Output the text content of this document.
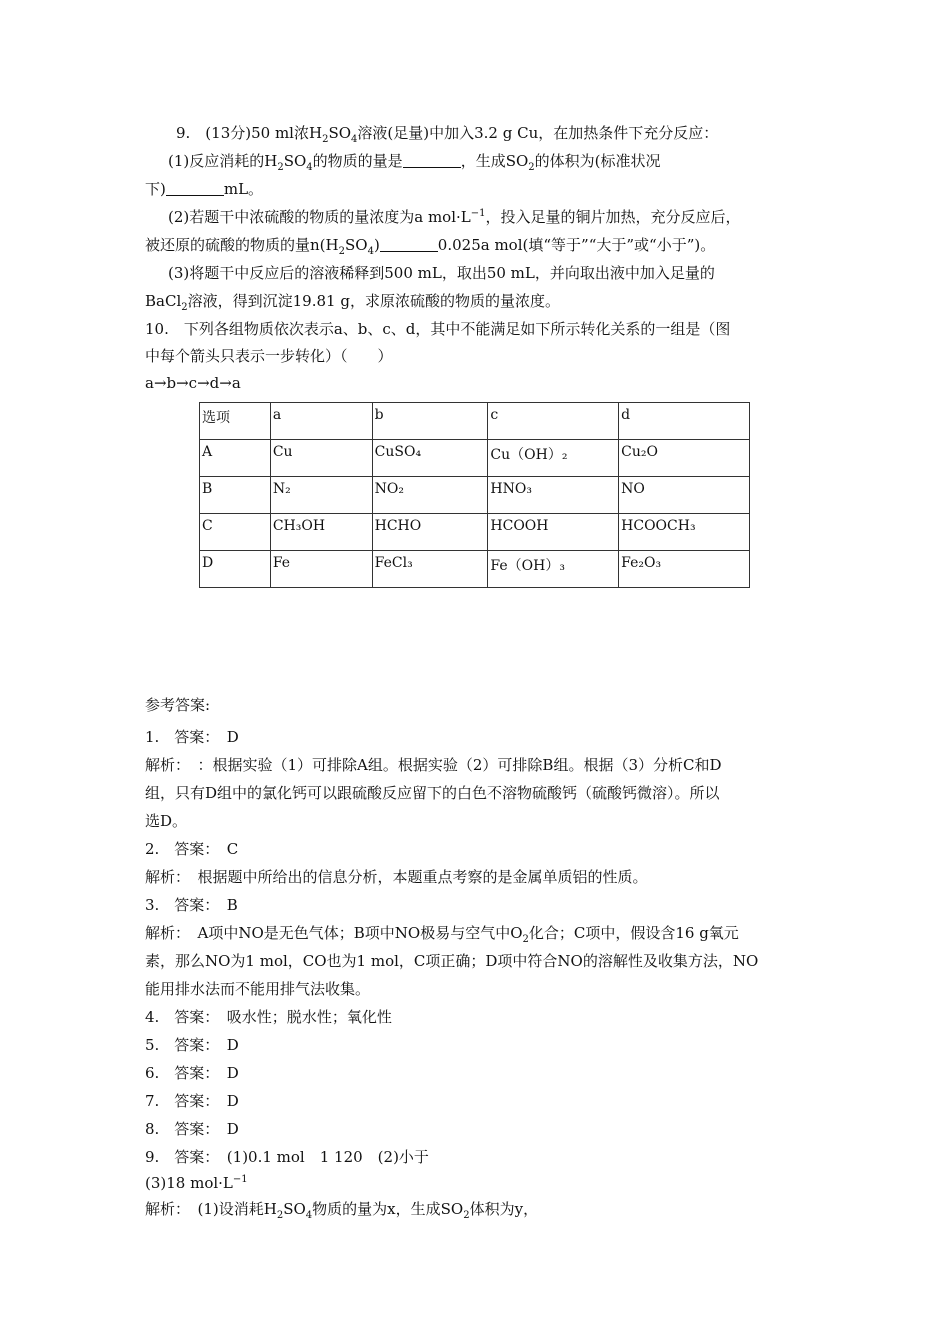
9.　(13分)50 ml浓$H_2SO_4$溶液(足量)中加入3.2 g Cu，在加热条件下充分反应：
(1)反应消耗的$H_2SO_4$的物质的量是	，生成$SO_2$的体积为(标准状况
下)	mL。
(2)若题干中浓硫酸的物质的量浓度为a $mol\cdot L^{-1}$，投入足量的铜片加热，充分反应后，
被还原的硫酸的物质的量$n(H_2SO_4)$	0.025a mol(填“等于”“大于”或“小于”)。
(3)将题干中反应后的溶液稀释到500 mL，取出50 mL，并向取出液中加入足量的
BaCl$_2$溶液，得到沉淀19.81 g，求原浓硫酸的物质的量浓度。
10.　下列各组物质依次表示a、b、c、d，其中不能满足如下所示转化关系的一组是（图
中每个箭头只表示一步转化）（　　）
a→b→c→d→a
选项	a	b	c	d
A	Cu	CuSO₄	Cu（OH）₂	Cu₂O
B	N₂	NO₂	HNO₃	NO
C	CH₃OH	HCHO	HCOOH	HCOOCH₃
D	Fe	FeCl₃	Fe（OH）₃	Fe₂O₃
参考答案:
1.　答案：　D
解析：　：根据实验（1）可排除A组。根据实验（2）可排除B组。根据（3）分析C和D
组，只有D组中的氯化钙可以跟硫酸反应留下的白色不溶物硫酸钙（硫酸钙微溶）。所以
选D。
2.　答案：　C
解析：　根据题中所给出的信息分析，本题重点考察的是金属单质铝的性质。
3.　答案：　B
解析：　A项中NO是无色气体；B项中NO极易与空气中$O_2$化合；C项中，假设含16 g氧元
素，那么NO为1 mol，CO也为1 mol，C项正确；D项中符合NO的溶解性及收集方法，NO
能用排水法而不能用排气法收集。
4.　答案：　吸水性；脱水性；氧化性
5.　答案：　D
6.　答案：　D
7.　答案：　D
8.　答案：　D
9.　答案：　(1)0.1 mol　1 120　(2)小于
(3)18 $mol\cdot L^{-1}$
解析：　(1)设消耗$H_2SO_4$物质的量为x，生成$SO_2$体积为y，
